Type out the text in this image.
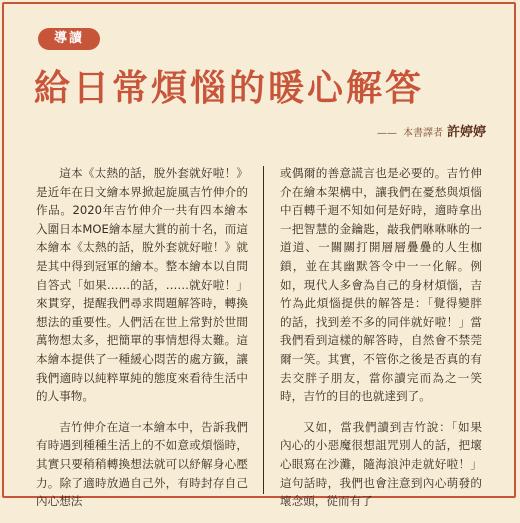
導讀
給日常煩惱的暖心解答
—— 本書譯者 許婷婷

這本《太熱的話，脫外套就好啦！》是近年在日文繪本界掀起旋風吉竹伸介的作品。2020年吉竹伸介一共有四本繪本入圍日本MOE繪本屋大賞的前十名，而這本繪本《太熱的話，脫外套就好啦！》就是其中得到冠軍的繪本。整本繪本以自問自答式「如果……的話，……就好啦！」來貫穿，提醒我們尋求問題解答時，轉換想法的重要性。人們活在世上常對於世間萬物想太多，把簡單的事情想得太難。這本繪本提供了一種緩心悶苦的處方籤，讓我們適時以純粹單純的態度來看待生活中的人事物。

吉竹伸介在這一本繪本中，告訴我們有時遇到種種生活上的不如意或煩惱時，其實只要稍稍轉換想法就可以紓解身心壓力。除了適時放過自己外，有時封存自己內心想法

或偶爾的善意謊言也是必要的。吉竹伸介在繪本架構中，讓我們在憂愁與煩惱中百轉千迴不知如何是好時，適時拿出一把智慧的金鑰匙，敲我們咻咻咻的一道道、一關關打開層層疊疊的人生枷鎖，並在其幽默答令中一一化解。例如，現代人多會為自己的身材煩惱，吉竹為此煩惱提供的解答是：「覺得變胖的話，找到差不多的同伴就好啦！」當我們看到這樣的解答時，自然會不禁莞爾一笑。其實，不管你之後是否真的有去交胖子朋友，當你讀完而為之一笑時，吉竹的目的也就達到了。

又如，當我們讀到吉竹說：「如果內心的小惡魔很想詛咒別人的話，把壞心眼寫在沙灘，隨海浪沖走就好啦！」這句話時，我們也會注意到內心萌發的壞念頭，從而有了
